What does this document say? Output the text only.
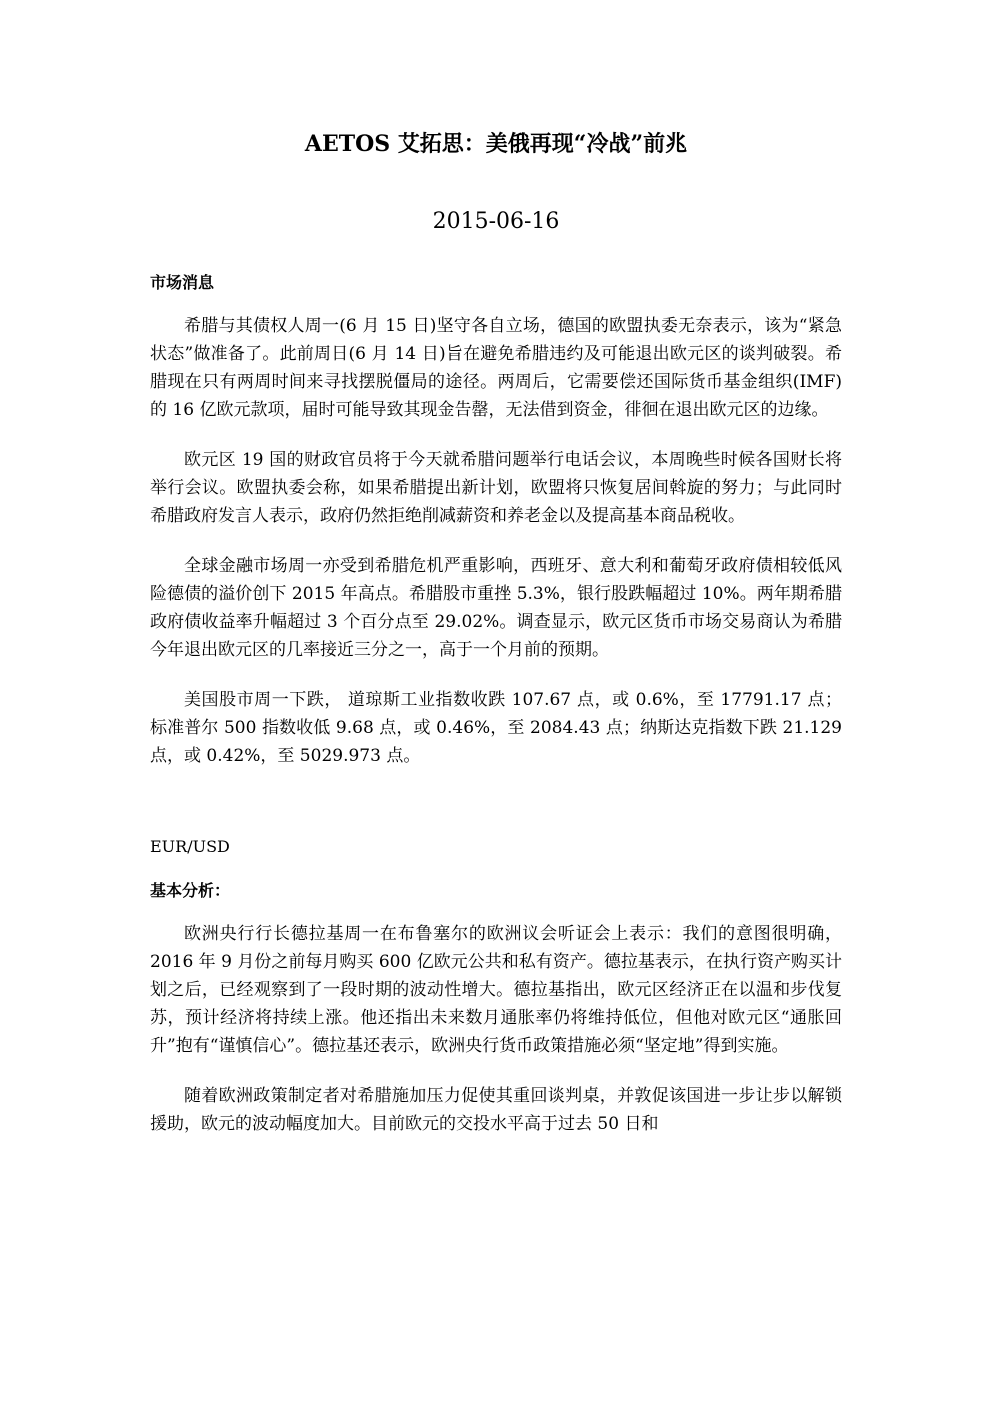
AETOS 艾拓思：美俄再现“冷战”前兆
2015-06-16
市场消息

希腊与其债权人周一(6 月 15 日)坚守各自立场，德国的欧盟执委无奈表示，该为“紧急状态”做准备了。此前周日(6 月 14 日)旨在避免希腊违约及可能退出欧元区的谈判破裂。希腊现在只有两周时间来寻找摆脱僵局的途径。两周后，它需要偿还国际货币基金组织(IMF)的 16 亿欧元款项，届时可能导致其现金告罄，无法借到资金，徘徊在退出欧元区的边缘。

欧元区 19 国的财政官员将于今天就希腊问题举行电话会议，本周晚些时候各国财长将举行会议。欧盟执委会称，如果希腊提出新计划，欧盟将只恢复居间斡旋的努力；与此同时希腊政府发言人表示，政府仍然拒绝削减薪资和养老金以及提高基本商品税收。

全球金融市场周一亦受到希腊危机严重影响，西班牙、意大利和葡萄牙政府债相较低风险德债的溢价创下 2015 年高点。希腊股市重挫 5.3%，银行股跌幅超过 10%。两年期希腊政府债收益率升幅超过 3 个百分点至 29.02%。调查显示，欧元区货币市场交易商认为希腊今年退出欧元区的几率接近三分之一，高于一个月前的预期。

美国股市周一下跌， 道琼斯工业指数收跌 107.67 点，或 0.6%，至 17791.17 点；标准普尔 500 指数收低 9.68 点，或 0.46%，至 2084.43 点；纳斯达克指数下跌 21.129 点，或 0.42%，至 5029.973 点。

EUR/USD
基本分析：

欧洲央行行长德拉基周一在布鲁塞尔的欧洲议会听证会上表示：我们的意图很明确，2016 年 9 月份之前每月购买 600 亿欧元公共和私有资产。德拉基表示，在执行资产购买计划之后，已经观察到了一段时期的波动性增大。德拉基指出，欧元区经济正在以温和步伐复苏，预计经济将持续上涨。他还指出未来数月通胀率仍将维持低位，但他对欧元区“通胀回升”抱有“谨慎信心”。德拉基还表示，欧洲央行货币政策措施必须“坚定地”得到实施。

随着欧洲政策制定者对希腊施加压力促使其重回谈判桌，并敦促该国进一步让步以解锁援助，欧元的波动幅度加大。目前欧元的交投水平高于过去 50 日和
